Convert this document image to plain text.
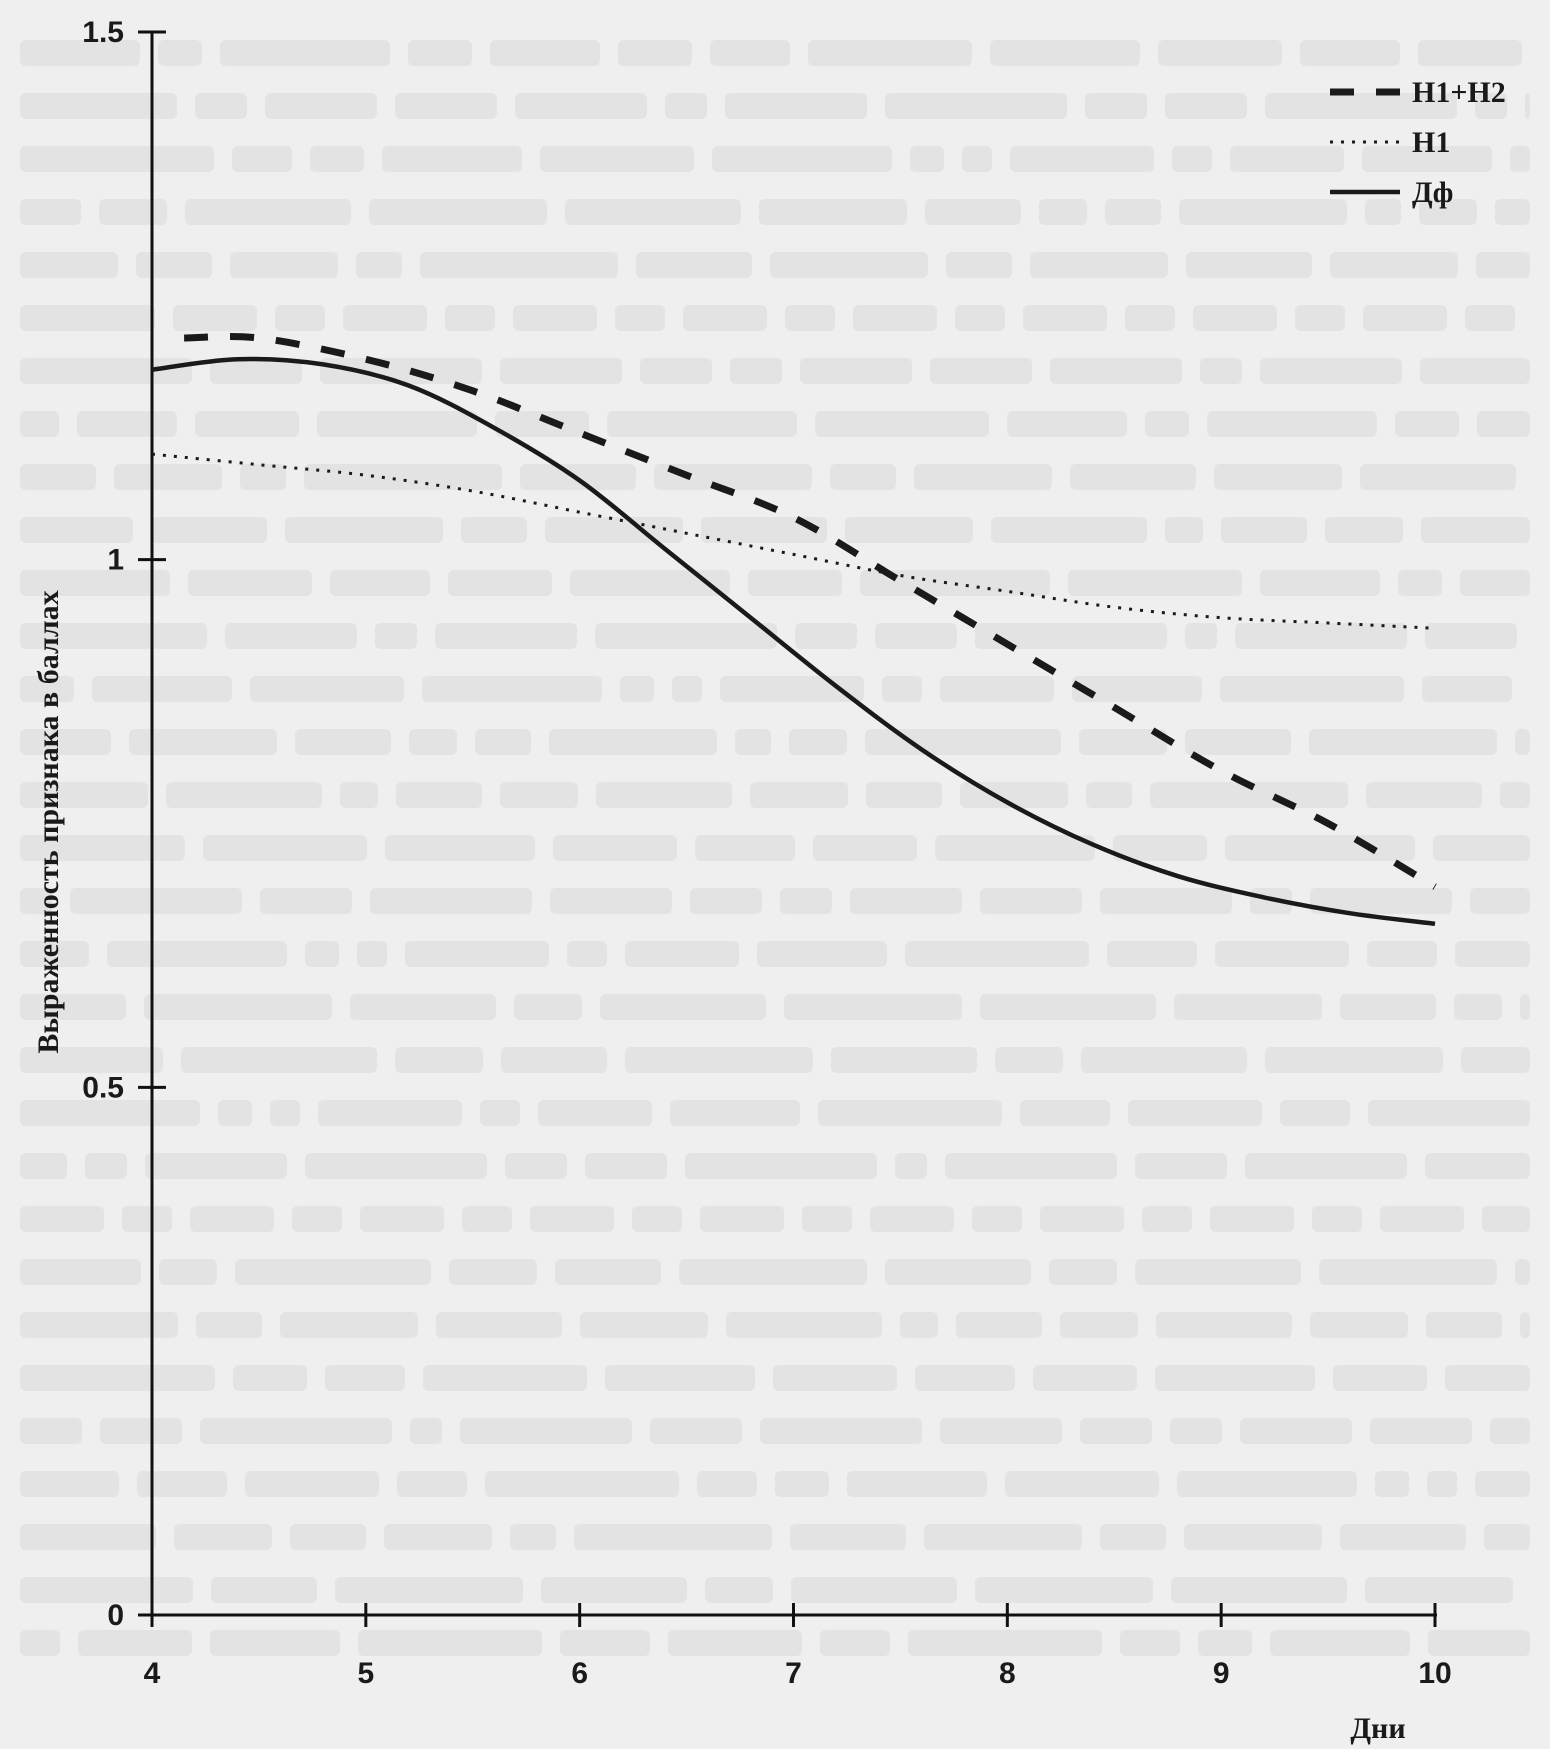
0
0.5
1
1.5
4	5	6	7	8	9	10
H1+H2
H1
Дф
Выраженность признака в баллах
Дни
